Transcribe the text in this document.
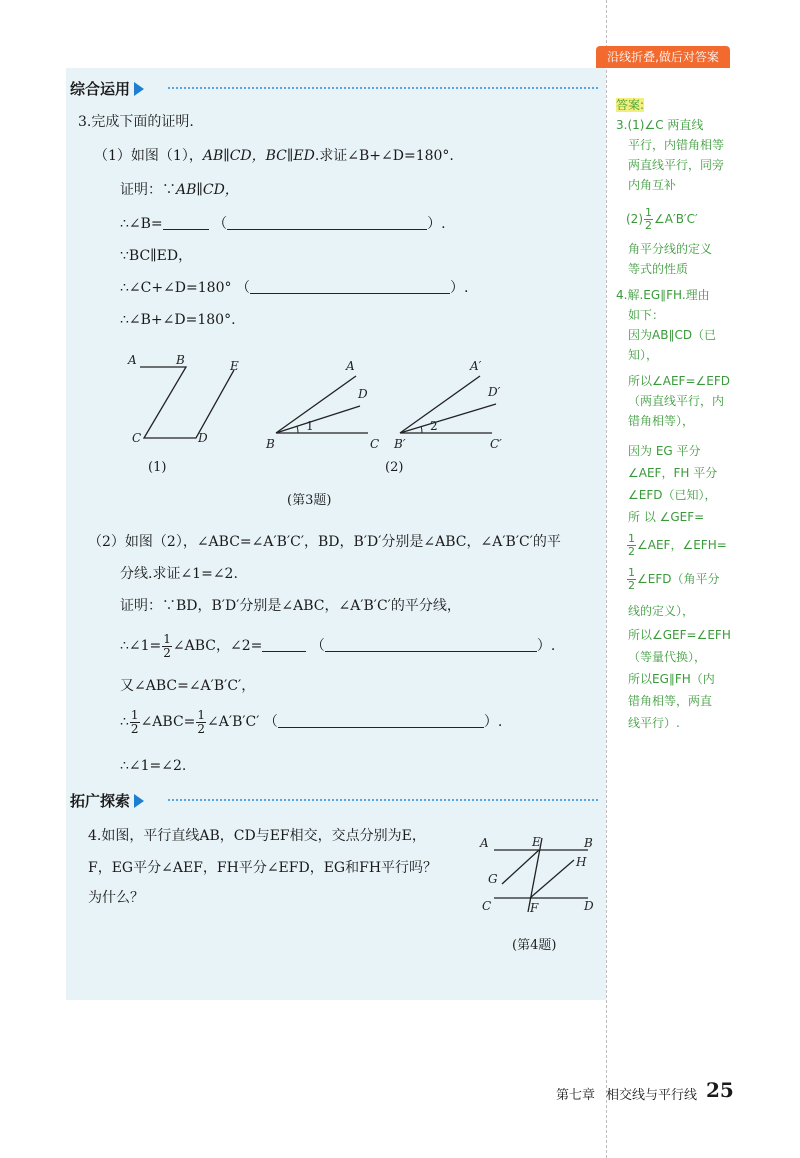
沿线折叠,做后对答案
综合运用
3.完成下面的证明.
（1）如图（1），AB∥CD，BC∥ED.求证∠B+∠D=180°.
证明：∵AB∥CD，
∴∠B=	（	）.
∵BC∥ED，
∴∠C+∠D=180° （	）.
∴∠B+∠D=180°.
A	B	E
C	D
A
D
1
B	C
A′
D′
2
B′	C′
(1)	(2)
(第3题)
（2）如图（2），∠ABC=∠A′B′C′，BD，B′D′分别是∠ABC，∠A′B′C′的平
分线.求证∠1=∠2.
证明：∵BD，B′D′分别是∠ABC，∠A′B′C′的平分线，
∴∠1= $\frac{1}{2}$ ∠ABC，∠2=	（	）.
又∠ABC=∠A′B′C′，
∴ $\frac{1}{2}$ ∠ABC= $\frac{1}{2}$ ∠A′B′C′ （	）.
∴∠1=∠2.
拓广探索
4.如图，平行直线AB，CD与EF相交，交点分别为E，
F，EG平分∠AEF，FH平分∠EFD，EG和FH平行吗？
为什么？
A	E	B
G
H
C	F	D
(第4题)
答案:
3.(1)∠C 两直线
平行，内错角相等
两直线平行，同旁
内角互补
$(2) \frac{1}{2}$ ∠A′B′C′
角平分线的定义
等式的性质
4.解.EG∥FH.理由
如下：
因为AB∥CD（已
知），
所以∠AEF=∠EFD
（两直线平行，内
错角相等），
因为 EG 平分
∠AEF，FH 平分
∠EFD（已知），
所 以 ∠GEF=
$\frac{1}{2}$ ∠AEF，∠EFH=
$\frac{1}{2}$ ∠EFD（角平分
线的定义），
所以∠GEF=∠EFH
（等量代换），
所以EG∥FH（内
错角相等，两直
线平行）.
第七章 相交线与平行线 25
